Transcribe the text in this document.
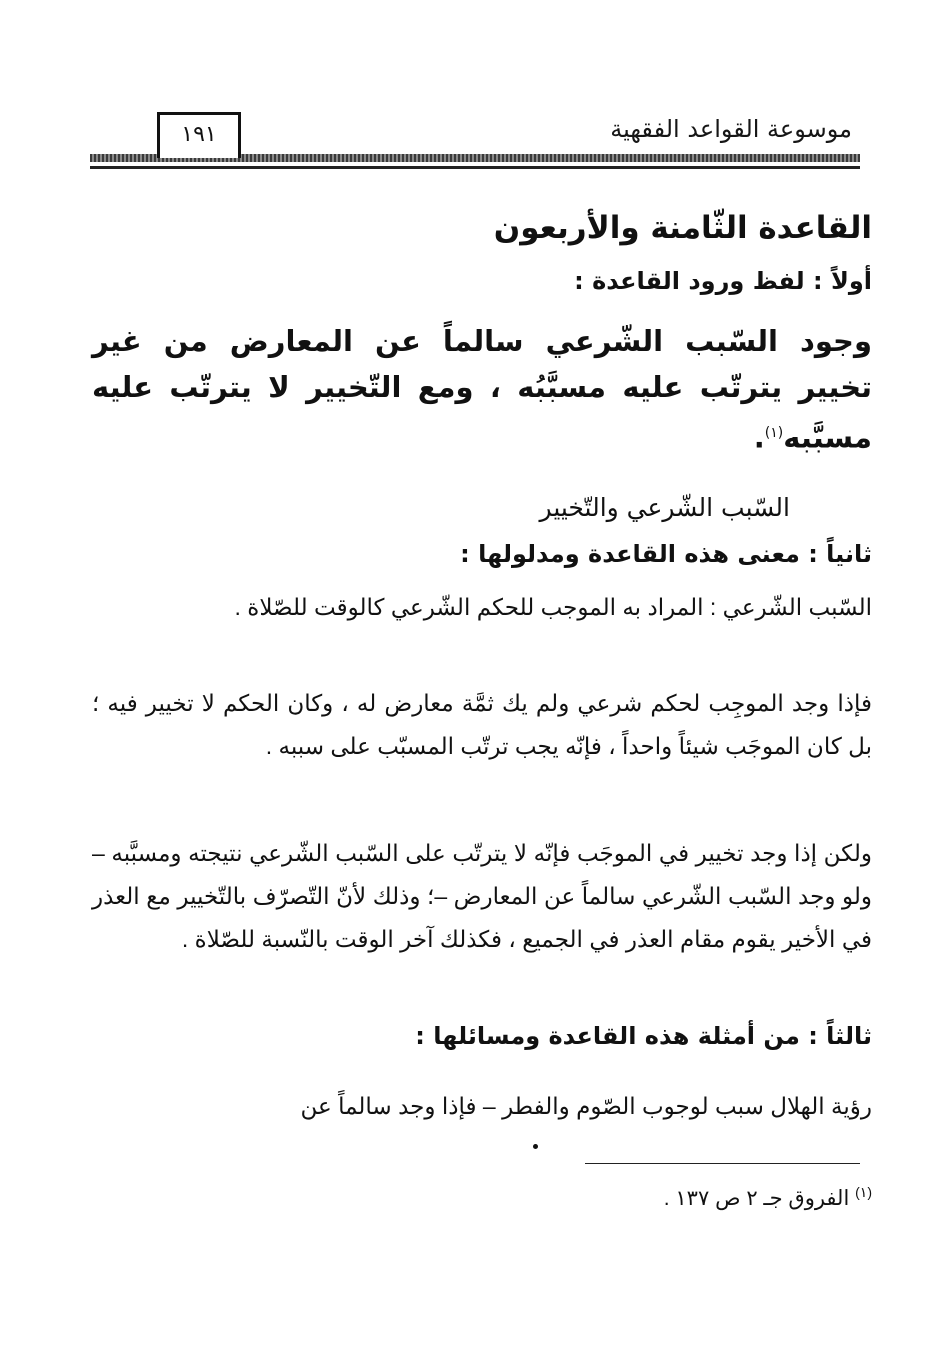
موسوعة القواعد الفقهية
١٩١
القاعدة الثّامنة والأربعون
أولاً : لفظ ورود القاعدة :
وجود السّبب الشّرعي سالماً عن المعارض من غير تخيير يترتّب عليه مسبَّبُه ، ومع التّخيير لا يترتّب عليه مسبَّبه$^{(١)}$.
السّبب الشّرعي والتّخيير
ثانياً : معنى هذه القاعدة ومدلولها :
السّبب الشّرعي : المراد به الموجب للحكم الشّرعي كالوقت للصّلاة .
فإذا وجد الموجِب لحكم شرعي ولم يك ثمَّة معارض له ، وكان الحكم لا تخيير فيه ؛ بل كان الموجَب شيئاً واحداً ، فإنّه يجب ترتّب المسبّب على سببه .
ولكن إذا وجد تخيير في الموجَب فإنّه لا يترتّب على السّبب الشّرعي نتيجته ومسبَّبه – ولو وجد السّبب الشّرعي سالماً عن المعارض –؛ وذلك لأنّ التّصرّف بالتّخيير مع العذر في الأخير يقوم مقام العذر في الجميع ، فكذلك آخر الوقت بالنّسبة للصّلاة .
ثالثاً : من أمثلة هذه القاعدة ومسائلها :
رؤية الهلال سبب لوجوب الصّوم والفطر – فإذا وجد سالماً عن
$^{(١)}$ الفروق جـ ٢ ص ١٣٧ .
